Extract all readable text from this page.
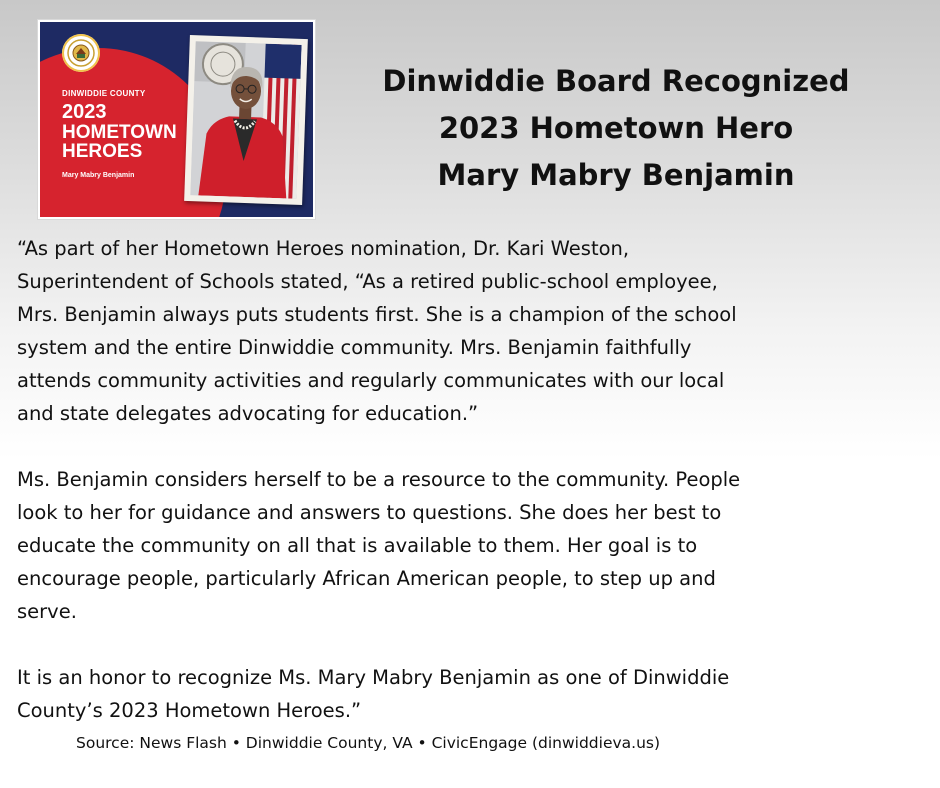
DINWIDDIE COUNTY
2023
HOMETOWN HEROES
Mary Mabry Benjamin
Dinwiddie Board Recognized
2023 Hometown Hero
Mary Mabry Benjamin

“As part of her Hometown Heroes nomination, Dr. Kari Weston,
Superintendent of Schools stated, “As a retired public-school employee,
Mrs. Benjamin always puts students first. She is a champion of the school
system and the entire Dinwiddie community. Mrs. Benjamin faithfully
attends community activities and regularly communicates with our local
and state delegates advocating for education.”

Ms. Benjamin considers herself to be a resource to the community. People
look to her for guidance and answers to questions. She does her best to
educate the community on all that is available to them. Her goal is to
encourage people, particularly African American people, to step up and
serve.

It is an honor to recognize Ms. Mary Mabry Benjamin as one of Dinwiddie
County’s 2023 Hometown Heroes.”

Source: News Flash • Dinwiddie County, VA • CivicEngage (dinwiddieva.us)
